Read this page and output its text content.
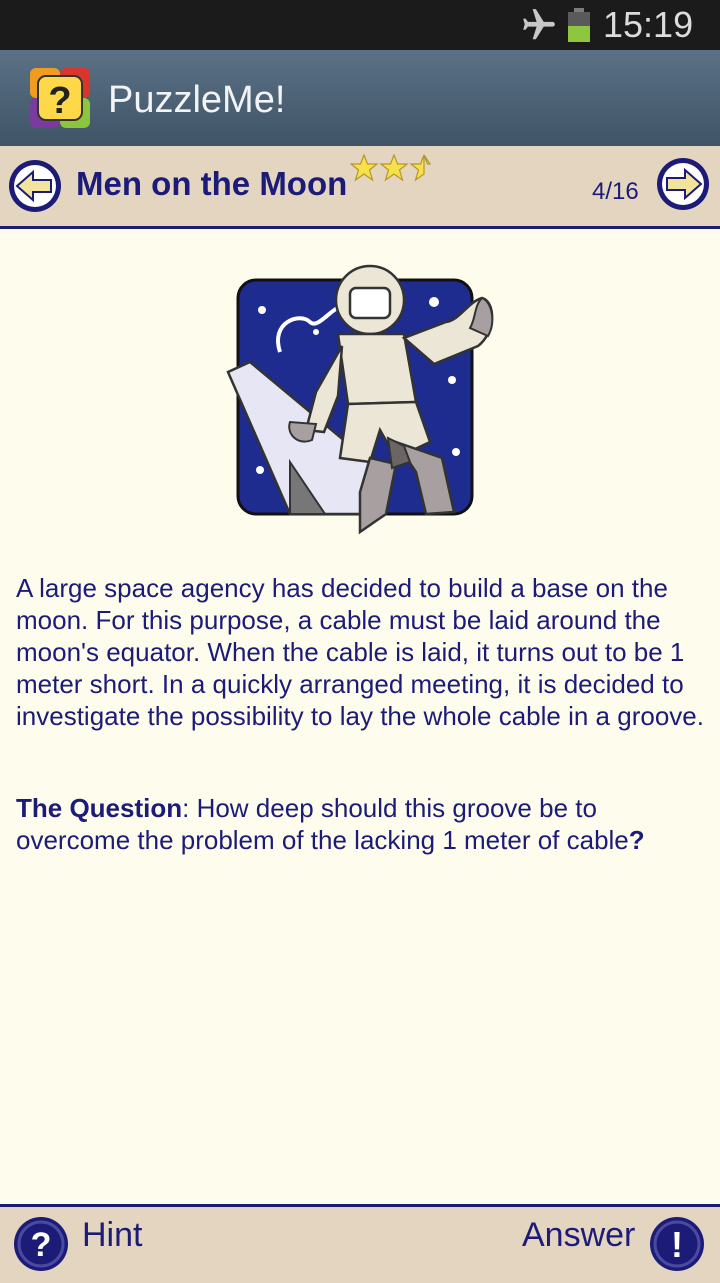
15:19
? PuzzleMe!
Men on the Moon	4/16
A large space agency has decided to build a base on the moon. For this purpose, a cable must be laid around the moon's equator. When the cable is laid, it turns out to be 1 meter short. In a quickly arranged meeting, it is decided to investigate the possibility to lay the whole cable in a groove.
The Question: How deep should this groove be to overcome the problem of the lacking 1 meter of cable?
? Hint	Answer !
